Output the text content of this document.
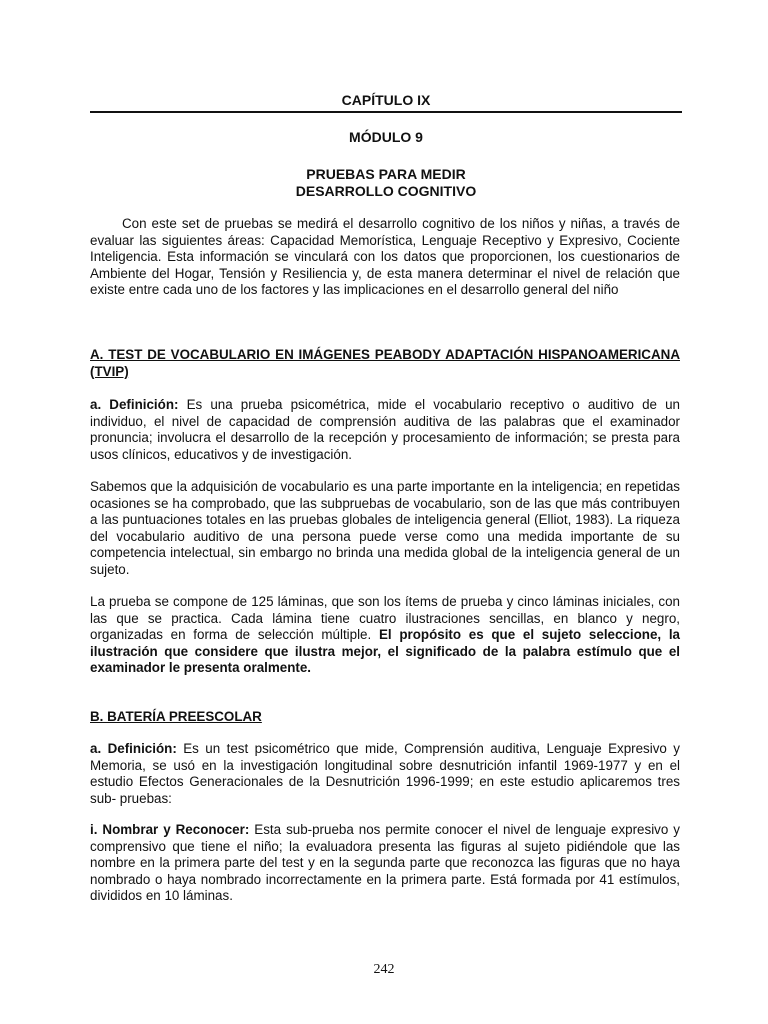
CAPÍTULO IX
MÓDULO 9
PRUEBAS PARA MEDIR
DESARROLLO COGNITIVO

Con este set de pruebas se medirá el desarrollo cognitivo de los niños y niñas, a través de evaluar las siguientes áreas: Capacidad Memorística, Lenguaje Receptivo y Expresivo, Cociente Inteligencia. Esta información se vinculará con los datos que proporcionen, los cuestionarios de Ambiente del Hogar, Tensión y Resiliencia y, de esta manera determinar el nivel de relación que existe entre cada uno de los factores y las implicaciones en el desarrollo general del niño

A. TEST DE VOCABULARIO EN IMÁGENES PEABODY ADAPTACIÓN HISPANOAMERICANA (TVIP)

a. Definición: Es una prueba psicométrica, mide el vocabulario receptivo o auditivo de un individuo, el nivel de capacidad de comprensión auditiva de las palabras que el examinador pronuncia; involucra el desarrollo de la recepción y procesamiento de información; se presta para usos clínicos, educativos y de investigación.

Sabemos que la adquisición de vocabulario es una parte importante en la inteligencia; en repetidas ocasiones se ha comprobado, que las subpruebas de vocabulario, son de las que más contribuyen a las puntuaciones totales en las pruebas globales de inteligencia general (Elliot, 1983). La riqueza del vocabulario auditivo de una persona puede verse como una medida importante de su competencia intelectual, sin embargo no brinda una medida global de la inteligencia general de un sujeto.

La prueba se compone de 125 láminas, que son los ítems de prueba y cinco láminas iniciales, con las que se practica. Cada lámina tiene cuatro ilustraciones sencillas, en blanco y negro, organizadas en forma de selección múltiple. El propósito es que el sujeto seleccione, la ilustración que considere que ilustra mejor, el significado de la palabra estímulo que el examinador le presenta oralmente.

B. BATERÍA PREESCOLAR

a. Definición: Es un test psicométrico que mide, Comprensión auditiva, Lenguaje Expresivo y Memoria, se usó en la investigación longitudinal sobre desnutrición infantil 1969-1977 y en el estudio Efectos Generacionales de la Desnutrición 1996-1999; en este estudio aplicaremos tres sub- pruebas:

i. Nombrar y Reconocer: Esta sub-prueba nos permite conocer el nivel de lenguaje expresivo y comprensivo que tiene el niño; la evaluadora presenta las figuras al sujeto pidiéndole que las nombre en la primera parte del test y en la segunda parte que reconozca las figuras que no haya nombrado o haya nombrado incorrectamente en la primera parte. Está formada por 41 estímulos, divididos en 10 láminas.

242
